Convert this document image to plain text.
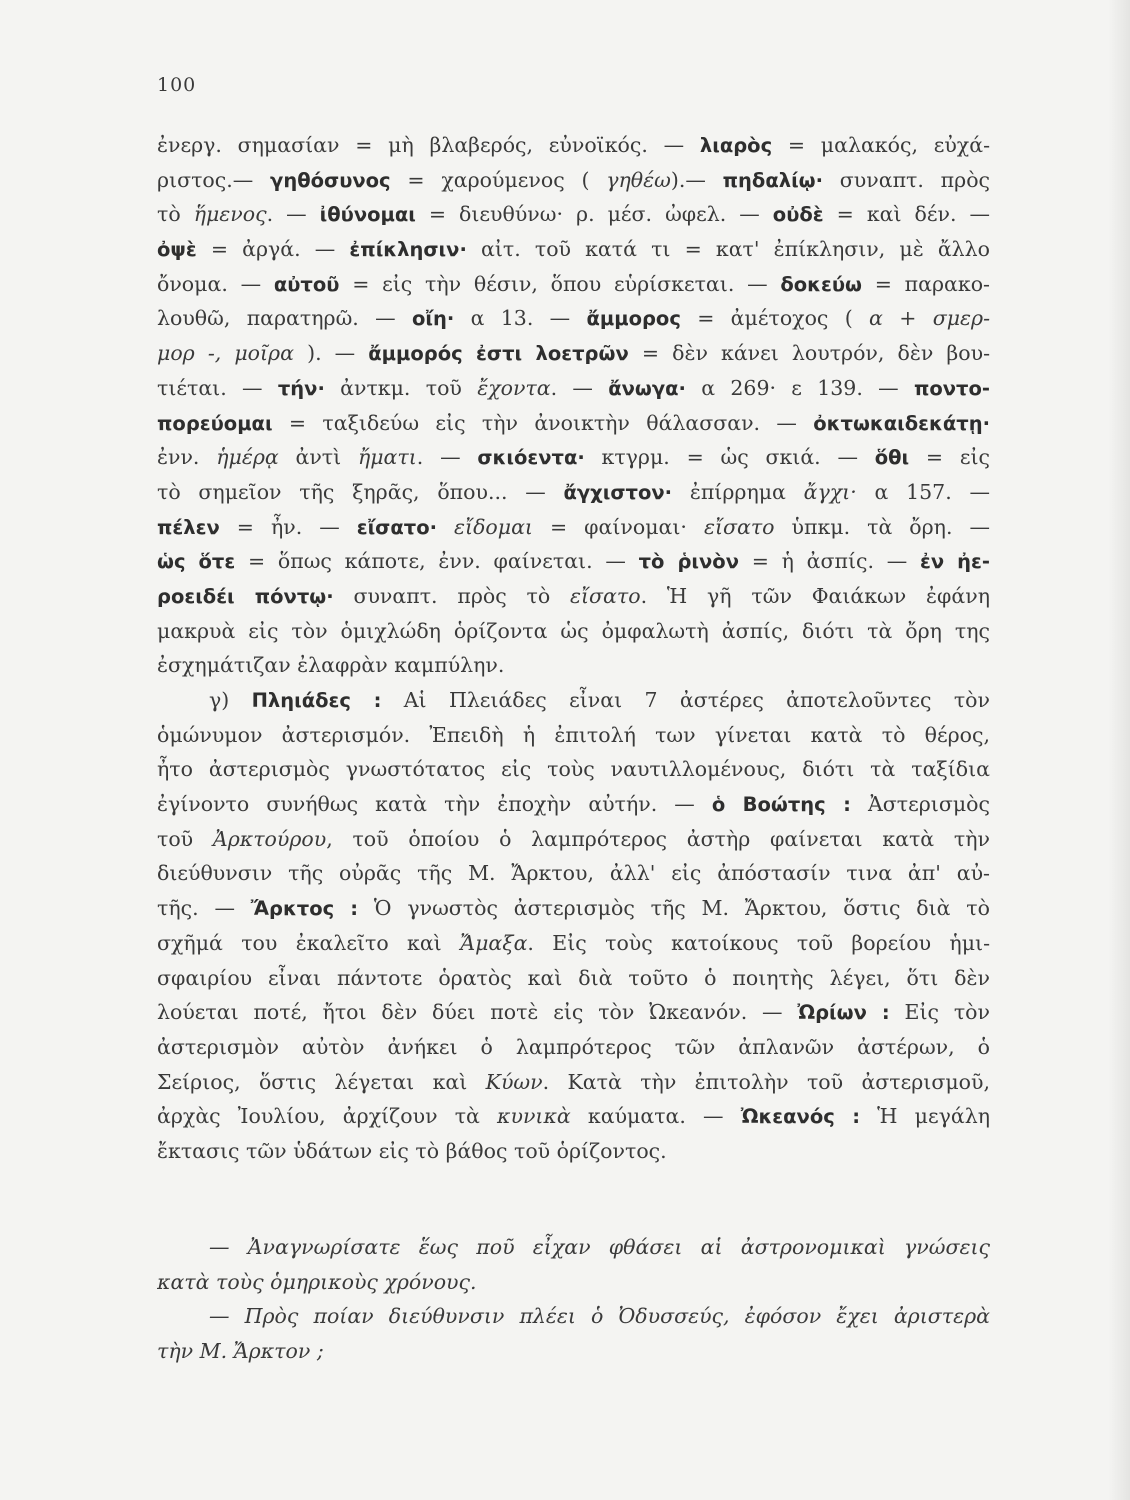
100
ἐνεργ. σημασίαν = μὴ βλαβερός, εὐνοϊκός. — λιαρὸς = μαλακός, εὐχά-
ριστος.— γηθόσυνος = χαρούμενος ( γηθέω).— πηδαλίῳ· συναπτ. πρὸς
τὸ ἥμενος. — ἰθύνομαι = διευθύνω· ρ. μέσ. ὠφελ. — οὐδὲ = καὶ δέν. —
ὀψὲ = ἀργά. — ἐπίκλησιν· αἰτ. τοῦ κατά τι = κατ' ἐπίκλησιν, μὲ ἄλλο
ὄνομα. — αὐτοῦ = εἰς τὴν θέσιν, ὅπου εὑρίσκεται. — δοκεύω = παρακο-
λουθῶ, παρατηρῶ. — οἴη· α 13. — ἄμμορος = ἀμέτοχος ( α + σμερ-
μορ -, μοῖρα ). — ἄμμορός ἐστι λοετρῶν = δὲν κάνει λουτρόν, δὲν βου-
τιέται. — τήν· ἀντκμ. τοῦ ἔχοντα. — ἄνωγα· α 269· ε 139. — ποντο-
πορεύομαι = ταξιδεύω εἰς τὴν ἀνοικτὴν θάλασσαν. — ὀκτωκαιδεκάτῃ·
ἐνν. ἡμέρᾳ ἀντὶ ἤματι. — σκιόεντα· κτγρμ. = ὡς σκιά. — ὅθι = εἰς
τὸ σημεῖον τῆς ξηρᾶς, ὅπου... — ἄγχιστον· ἐπίρρημα ἄγχι· α 157. —
πέλεν = ἦν. — εἴσατο· εἴδομαι = φαίνομαι· εἴσατο ὑπκμ. τὰ ὄρη. —
ὡς ὅτε = ὅπως κάποτε, ἐνν. φαίνεται. — τὸ ῥινὸν = ἡ ἀσπίς. — ἐν ἠε-
ροειδέι πόντῳ· συναπτ. πρὸς τὸ εἴσατο. Ἡ γῆ τῶν Φαιάκων ἐφάνη
μακρυὰ εἰς τὸν ὁμιχλώδη ὁρίζοντα ὡς ὀμφαλωτὴ ἀσπίς, διότι τὰ ὄρη της
ἐσχημάτιζαν ἐλαφρὰν καμπύλην.
γ) Πληιάδες : Αἱ Πλειάδες εἶναι 7 ἀστέρες ἀποτελοῦντες τὸν
ὁμώνυμον ἀστερισμόν. Ἐπειδὴ ἡ ἐπιτολή των γίνεται κατὰ τὸ θέρος,
ἦτο ἀστερισμὸς γνωστότατος εἰς τοὺς ναυτιλλομένους, διότι τὰ ταξίδια
ἐγίνοντο συνήθως κατὰ τὴν ἐποχὴν αὐτήν. — ὁ Βοώτης : Ἀστερισμὸς
τοῦ Ἀρκτούρου, τοῦ ὁποίου ὁ λαμπρότερος ἀστὴρ φαίνεται κατὰ τὴν
διεύθυνσιν τῆς οὐρᾶς τῆς Μ. Ἄρκτου, ἀλλ' εἰς ἀπόστασίν τινα ἀπ' αὐ-
τῆς. — Ἄρκτος : Ὁ γνωστὸς ἀστερισμὸς τῆς Μ. Ἄρκτου, ὅστις διὰ τὸ
σχῆμά του ἐκαλεῖτο καὶ Ἄμαξα. Εἰς τοὺς κατοίκους τοῦ βορείου ἡμι-
σφαιρίου εἶναι πάντοτε ὁρατὸς καὶ διὰ τοῦτο ὁ ποιητὴς λέγει, ὅτι δὲν
λούεται ποτέ, ἤτοι δὲν δύει ποτὲ εἰς τὸν Ὠκεανόν. — Ὠρίων : Εἰς τὸν
ἀστερισμὸν αὐτὸν ἀνήκει ὁ λαμπρότερος τῶν ἀπλανῶν ἀστέρων, ὁ
Σείριος, ὅστις λέγεται καὶ Κύων. Κατὰ τὴν ἐπιτολὴν τοῦ ἀστερισμοῦ,
ἀρχὰς Ἰουλίου, ἀρχίζουν τὰ κυνικὰ καύματα. — Ὠκεανός : Ἡ μεγάλη
ἔκτασις τῶν ὑδάτων εἰς τὸ βάθος τοῦ ὁρίζοντος.
— Ἀναγνωρίσατε ἕως ποῦ εἶχαν φθάσει αἱ ἀστρονομικαὶ γνώσεις
κατὰ τοὺς ὁμηρικοὺς χρόνους.
— Πρὸς ποίαν διεύθυνσιν πλέει ὁ Ὀδυσσεύς, ἐφόσον ἔχει ἀριστερὰ
τὴν Μ. Ἄρκτον ;
